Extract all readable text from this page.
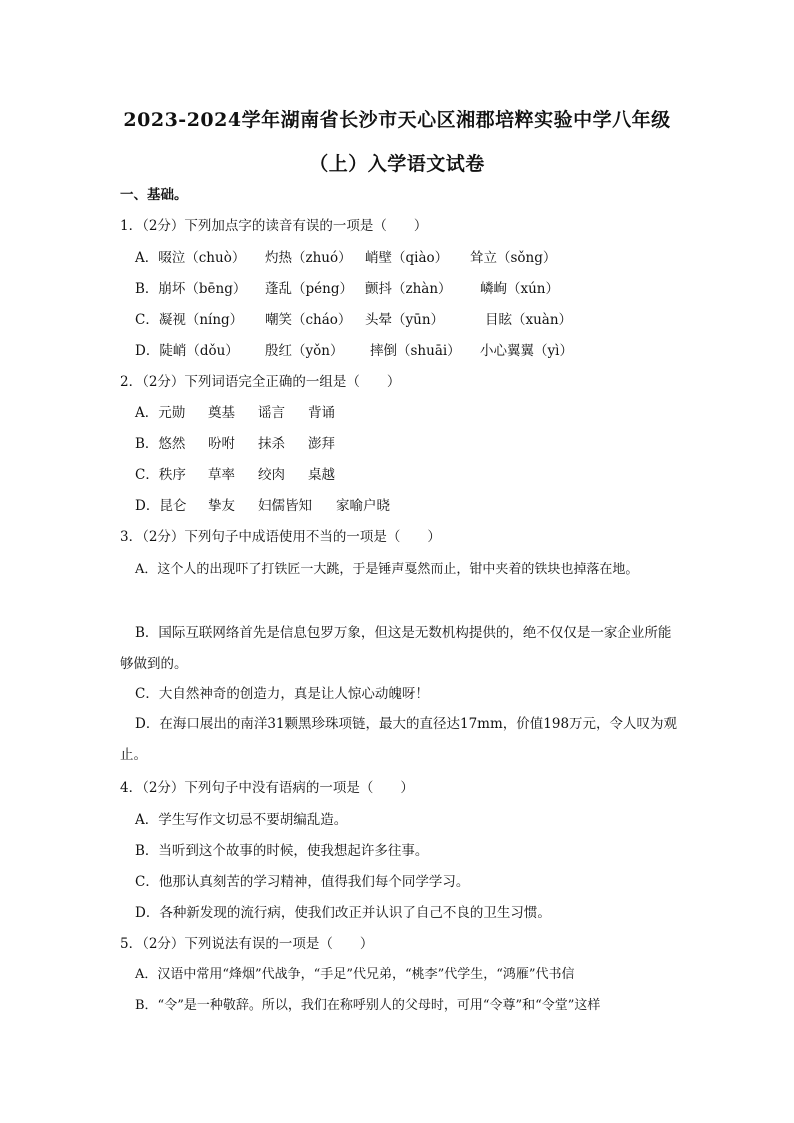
2023-2024学年湖南省长沙市天心区湘郡培粹实验中学八年级
（上）入学语文试卷
一、基础。
1．（2分）下列加点字的读音有误的一项是（　　）
A．啜泣（chuò） 灼热（zhuó） 峭壁（qiào） 耸立（sǒng）
B．崩坏（bēng） 蓬乱（péng） 颤抖（zhàn） 嶙峋（xún）
C．凝视（níng） 嘲笑（cháo） 头晕（yūn）	目眩（xuàn）
D．陡峭（dǒu） 殷红（yǒn） 摔倒（shuāi） 小心翼翼（yì）
2．（2分）下列词语完全正确的一组是（　　）
A．元勋 奠基 谣言 背诵
B．悠然 吩咐 抹杀 澎拜
C．秩序 草率 绞肉 桌越
D．昆仑 挚友 妇儒皆知 家喻户晓
3．（2分）下列句子中成语使用不当的一项是（　　）
A．这个人的出现吓了打铁匠一大跳，于是锤声戛然而止，钳中夹着的铁块也掉落在地。
B．国际互联网络首先是信息包罗万象，但这是无数机构提供的，绝不仅仅是一家企业所能够做到的。
C．大自然神奇的创造力，真是让人惊心动魄呀！
D．在海口展出的南洋31颗黑珍珠项链，最大的直径达17mm，价值198万元，令人叹为观止。
4．（2分）下列句子中没有语病的一项是（　　）
A．学生写作文切忌不要胡编乱造。
B．当听到这个故事的时候，使我想起许多往事。
C．他那认真刻苦的学习精神，值得我们每个同学学习。
D．各种新发现的流行病，使我们改正并认识了自己不良的卫生习惯。
5．（2分）下列说法有误的一项是（　　）
A．汉语中常用“烽烟”代战争，“手足”代兄弟，“桃李”代学生，“鸿雁”代书信
B．“令”是一种敬辞。所以，我们在称呼别人的父母时，可用“令尊”和“令堂”这样
